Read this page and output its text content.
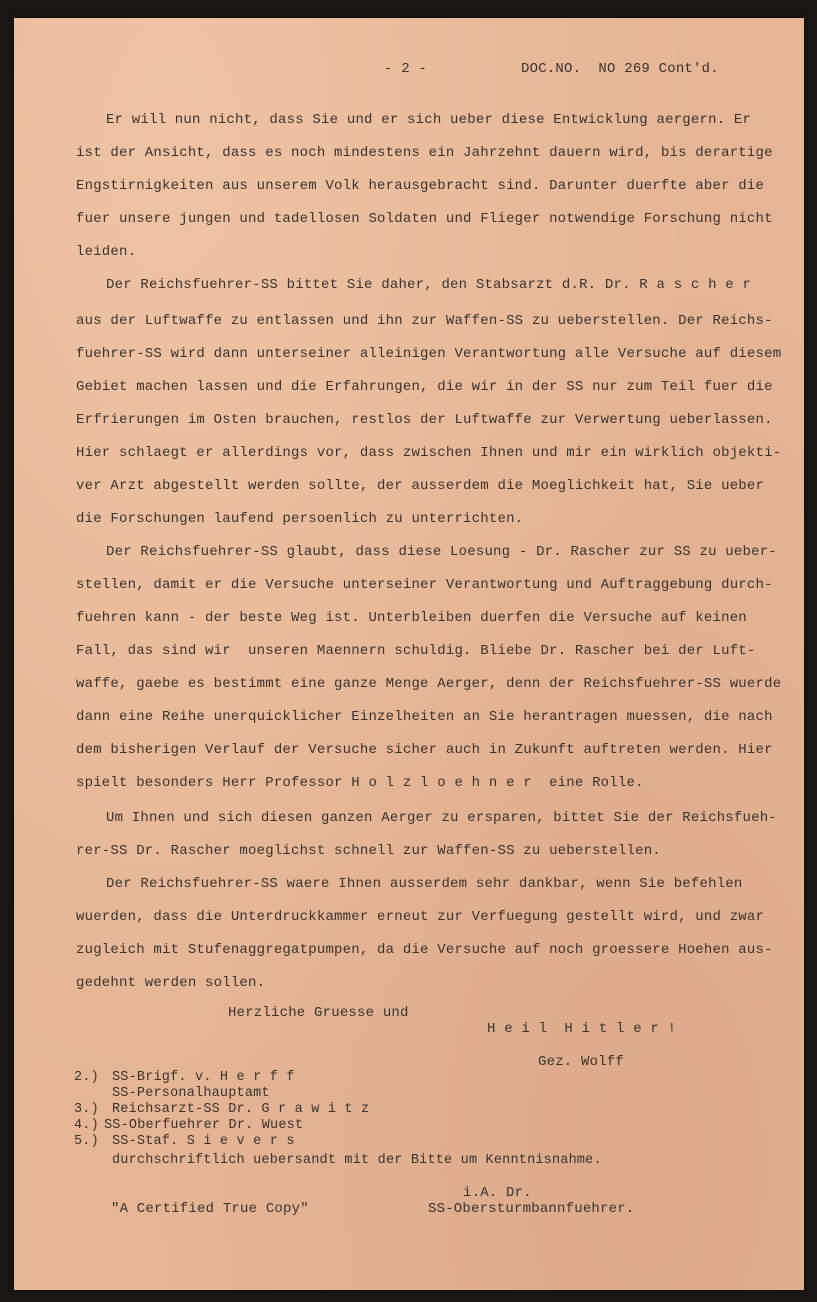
- 2 -	DOC.NO.  NO 269 Cont'd.
Er will nun nicht, dass Sie und er sich ueber diese Entwicklung aergern. Er
ist der Ansicht, dass es noch mindestens ein Jahrzehnt dauern wird, bis derartige
Engstirnigkeiten aus unserem Volk herausgebracht sind. Darunter duerfte aber die
fuer unsere jungen und tadellosen Soldaten und Flieger notwendige Forschung nicht
leiden.
Der Reichsfuehrer-SS bittet Sie daher, den Stabsarzt d.R. Dr. R a s c h e r
aus der Luftwaffe zu entlassen und ihn zur Waffen-SS zu ueberstellen. Der Reichs-
fuehrer-SS wird dann unterseiner alleinigen Verantwortung alle Versuche auf diesem
Gebiet machen lassen und die Erfahrungen, die wir in der SS nur zum Teil fuer die
Erfrierungen im Osten brauchen, restlos der Luftwaffe zur Verwertung ueberlassen.
Hier schlaegt er allerdings vor, dass zwischen Ihnen und mir ein wirklich objekti-
ver Arzt abgestellt werden sollte, der ausserdem die Moeglichkeit hat, Sie ueber
die Forschungen laufend persoenlich zu unterrichten.
Der Reichsfuehrer-SS glaubt, dass diese Loesung - Dr. Rascher zur SS zu ueber-
stellen, damit er die Versuche unterseiner Verantwortung und Auftraggebung durch-
fuehren kann - der beste Weg ist. Unterbleiben duerfen die Versuche auf keinen
Fall, das sind wir  unseren Maennern schuldig. Bliebe Dr. Rascher bei der Luft-
waffe, gaebe es bestimmt eine ganze Menge Aerger, denn der Reichsfuehrer-SS wuerde
dann eine Reihe unerquicklicher Einzelheiten an Sie herantragen muessen, die nach
dem bisherigen Verlauf der Versuche sicher auch in Zukunft auftreten werden. Hier
spielt besonders Herr Professor H o l z l o e h n e r  eine Rolle.
Um Ihnen und sich diesen ganzen Aerger zu ersparen, bittet Sie der Reichsfueh-
rer-SS Dr. Rascher moeglichst schnell zur Waffen-SS zu ueberstellen.
Der Reichsfuehrer-SS waere Ihnen ausserdem sehr dankbar, wenn Sie befehlen
wuerden, dass die Unterdruckkammer erneut zur Verfuegung gestellt wird, und zwar
zugleich mit Stufenaggregatpumpen, da die Versuche auf noch groessere Hoehen aus-
gedehnt werden sollen.
Herzliche Gruesse und
H e i l  H i t l e r !
Gez. Wolff
2.) SS-Brigf. v. H e r f f
SS-Personalhauptamt
3.) Reichsarzt-SS Dr. G r a w i t z
4.) SS-Oberfuehrer Dr. Wuest
5.) SS-Staf. S i e v e r s
durchschriftlich uebersandt mit der Bitte um Kenntnisnahme.
i.A. Dr.
"A Certified True Copy"	SS-Obersturmbannfuehrer.
